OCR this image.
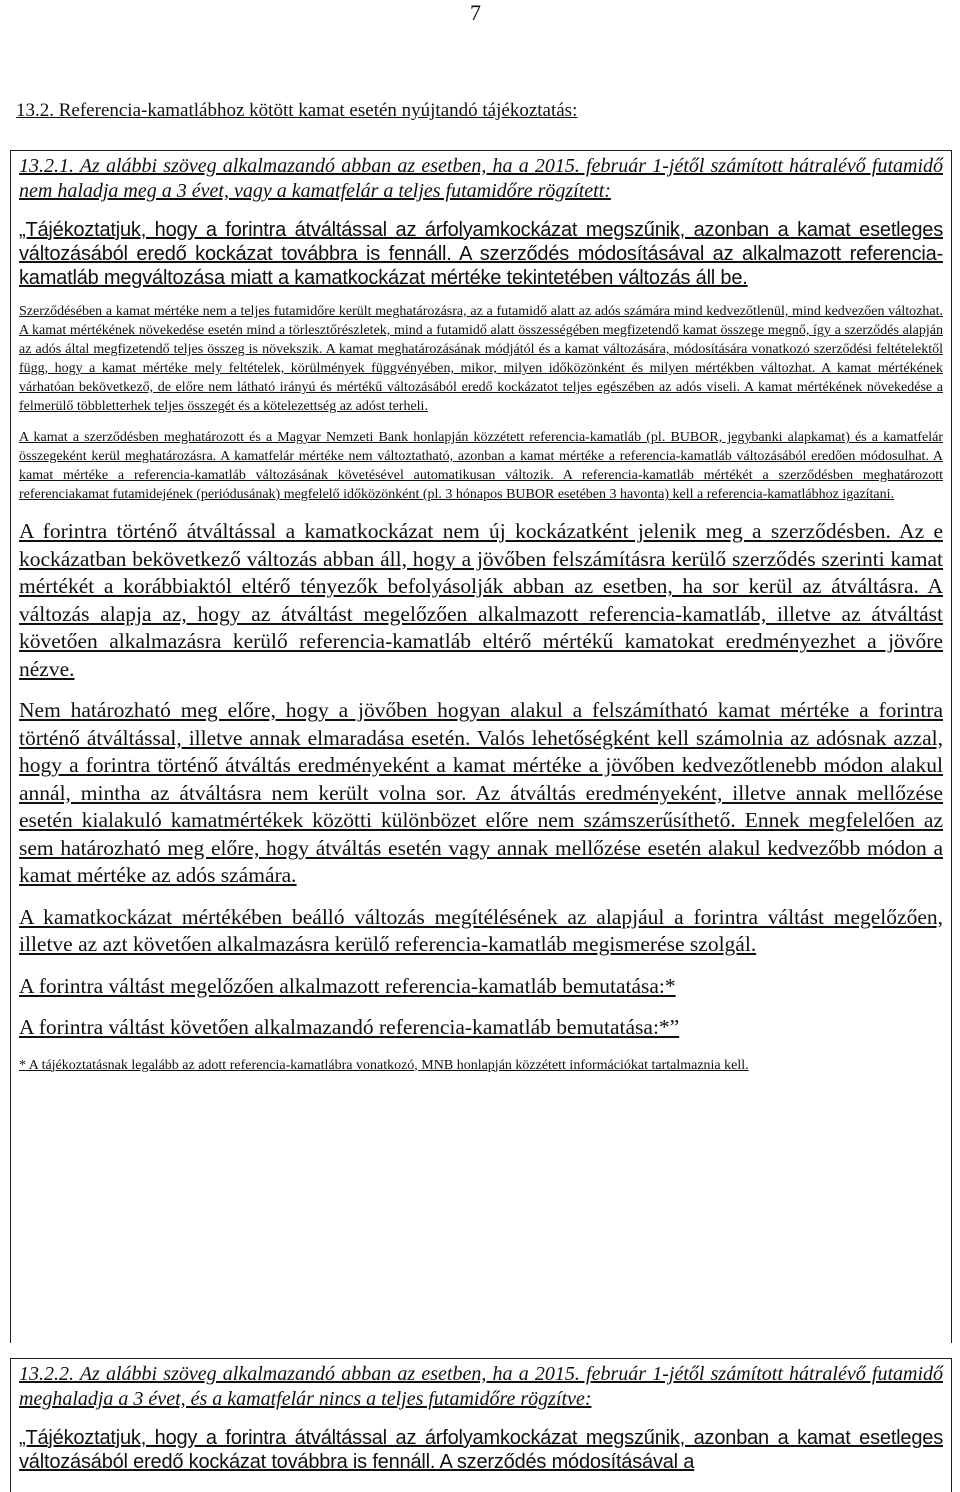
7
13.2. Referencia-kamatlábhoz kötött kamat esetén nyújtandó tájékoztatás:
13.2.1. Az alábbi szöveg alkalmazandó abban az esetben, ha a 2015. február 1-jétől számított hátralévő futamidő nem haladja meg a 3 évet, vagy a kamatfelár a teljes futamidőre rögzített:
„Tájékoztatjuk, hogy a forintra átváltással az árfolyamkockázat megszűnik, azonban a kamat esetleges változásából eredő kockázat továbbra is fennáll. A szerződés módosításával az alkalmazott referencia-kamatláb megváltozása miatt a kamatkockázat mértéke tekintetében változás áll be.
Szerződésében a kamat mértéke nem a teljes futamidőre került meghatározásra, az a futamidő alatt az adós számára mind kedvezőtlenül, mind kedvezően változhat. A kamat mértékének növekedése esetén mind a törlesztőrészletek, mind a futamidő alatt összességében megfizetendő kamat összege megnő, így a szerződés alapján az adós által megfizetendő teljes összeg is növekszik. A kamat meghatározásának módjától és a kamat változására, módosítására vonatkozó szerződési feltételektől függ, hogy a kamat mértéke mely feltételek, körülmények függvényében, mikor, milyen időközönként és milyen mértékben változhat. A kamat mértékének várhatóan bekövetkező, de előre nem látható irányú és mértékű változásából eredő kockázatot teljes egészében az adós viseli. A kamat mértékének növekedése a felmerülő többletterhek teljes összegét és a kötelezettség az adóst terheli.
A kamat a szerződésben meghatározott és a Magyar Nemzeti Bank honlapján közzétett referencia-kamatláb (pl. BUBOR, jegybanki alapkamat) és a kamatfelár összegeként kerül meghatározásra. A kamatfelár mértéke nem változtatható, azonban a kamat mértéke a referencia-kamatláb változásából eredően módosulhat. A kamat mértéke a referencia-kamatláb változásának követésével automatikusan változik. A referencia-kamatláb mértékét a szerződésben meghatározott referenciakamat futamidejének (periódusának) megfelelő időközönként (pl. 3 hónapos BUBOR esetében 3 havonta) kell a referencia-kamatlábhoz igazítani.
A forintra történő átváltással a kamatkockázat nem új kockázatként jelenik meg a szerződésben. Az e kockázatban bekövetkező változás abban áll, hogy a jövőben felszámításra kerülő szerződés szerinti kamat mértékét a korábbiaktól eltérő tényezők befolyásolják abban az esetben, ha sor kerül az átváltásra. A változás alapja az, hogy az átváltást megelőzően alkalmazott referencia-kamatláb, illetve az átváltást követően alkalmazásra kerülő referencia-kamatláb eltérő mértékű kamatokat eredményezhet a jövőre nézve.
Nem határozható meg előre, hogy a jövőben hogyan alakul a felszámítható kamat mértéke a forintra történő átváltással, illetve annak elmaradása esetén. Valós lehetőségként kell számolnia az adósnak azzal, hogy a forintra történő átváltás eredményeként a kamat mértéke a jövőben kedvezőtlenebb módon alakul annál, mintha az átváltásra nem került volna sor. Az átváltás eredményeként, illetve annak mellőzése esetén kialakuló kamatmértékek közötti különbözet előre nem számszerűsíthető. Ennek megfelelően az sem határozható meg előre, hogy átváltás esetén vagy annak mellőzése esetén alakul kedvezőbb módon a kamat mértéke az adós számára.
A kamatkockázat mértékében beálló változás megítélésének az alapjául a forintra váltást megelőzően, illetve az azt követően alkalmazásra kerülő referencia-kamatláb megismerése szolgál.
A forintra váltást megelőzően alkalmazott referencia-kamatláb bemutatása:*
A forintra váltást követően alkalmazandó referencia-kamatláb bemutatása:*”
* A tájékoztatásnak legalább az adott referencia-kamatlábra vonatkozó, MNB honlapján közzétett információkat tartalmaznia kell.
13.2.2. Az alábbi szöveg alkalmazandó abban az esetben, ha a 2015. február 1-jétől számított hátralévő futamidő meghaladja a 3 évet, és a kamatfelár nincs a teljes futamidőre rögzítve:
„Tájékoztatjuk, hogy a forintra átváltással az árfolyamkockázat megszűnik, azonban a kamat esetleges változásából eredő kockázat továbbra is fennáll. A szerződés módosításával a
